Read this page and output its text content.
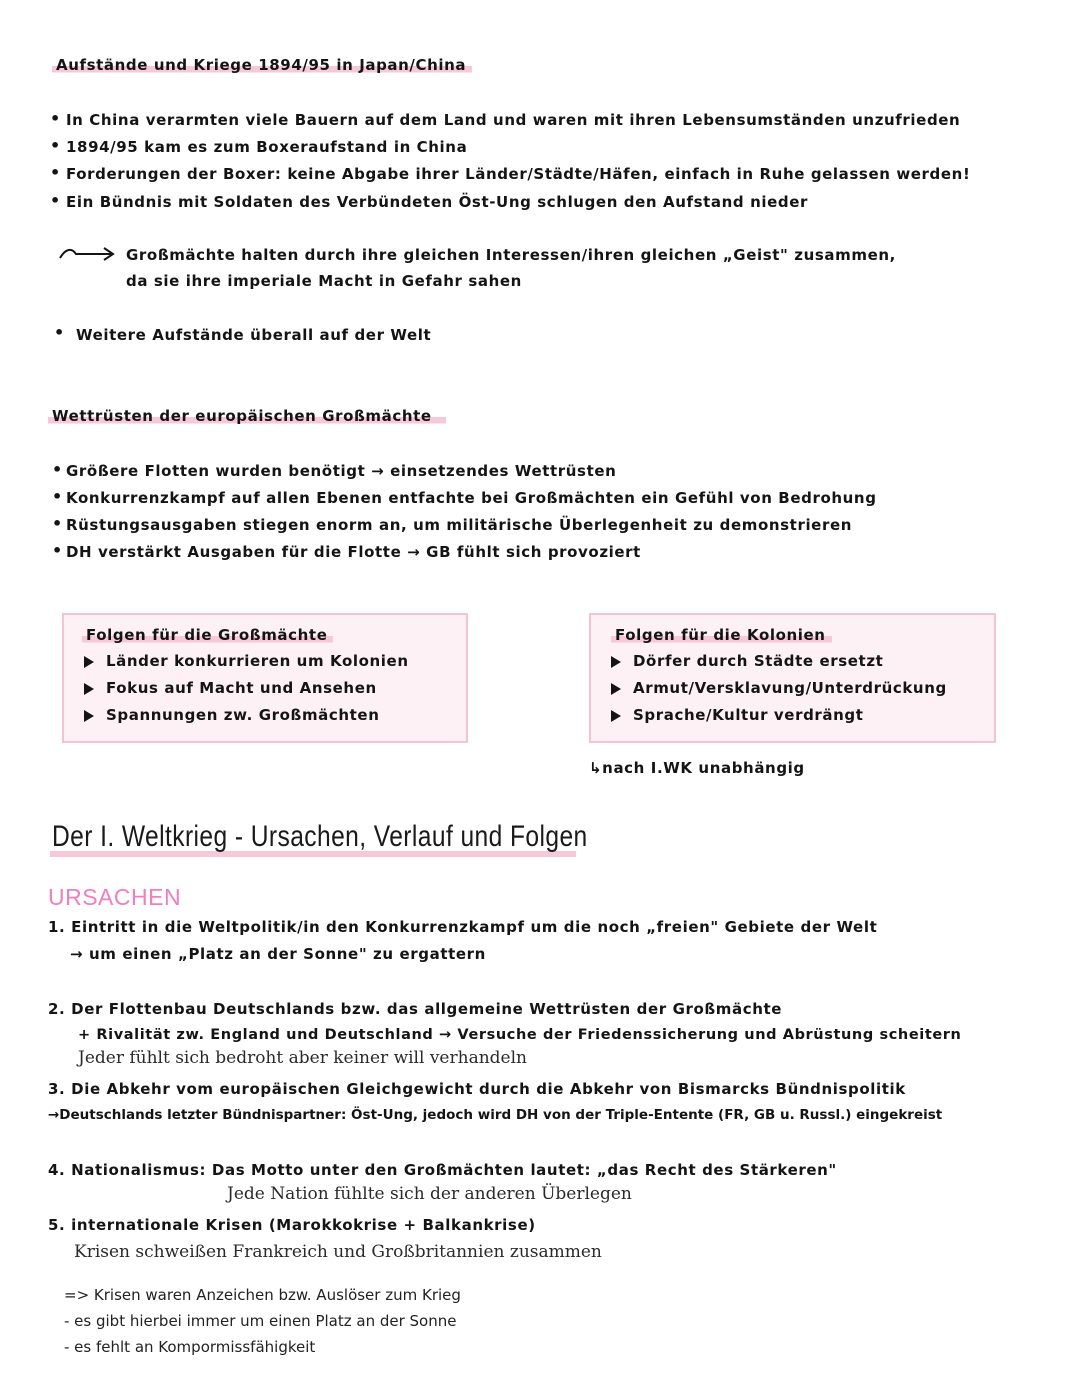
Aufstände und Kriege 1894/95 in Japan/China
• In China verarmten viele Bauern auf dem Land und waren mit ihren Lebensumständen unzufrieden
• 1894/95 kam es zum Boxeraufstand in China
• Forderungen der Boxer: keine Abgabe ihrer Länder/Städte/Häfen, einfach in Ruhe gelassen werden!
• Ein Bündnis mit Soldaten des Verbündeten Öst-Ung schlugen den Aufstand nieder
Großmächte halten durch ihre gleichen Interessen/ihren gleichen „Geist" zusammen,
da sie ihre imperiale Macht in Gefahr sahen
• Weitere Aufstände überall auf der Welt
Wettrüsten der europäischen Großmächte
• Größere Flotten wurden benötigt → einsetzendes Wettrüsten
• Konkurrenzkampf auf allen Ebenen entfachte bei Großmächten ein Gefühl von Bedrohung
• Rüstungsausgaben stiegen enorm an, um militärische Überlegenheit zu demonstrieren
• DH verstärkt Ausgaben für die Flotte → GB fühlt sich provoziert
Folgen für die Großmächte
Länder konkurrieren um Kolonien
Fokus auf Macht und Ansehen
Spannungen zw. Großmächten
Folgen für die Kolonien
Dörfer durch Städte ersetzt
Armut/Versklavung/Unterdrückung
Sprache/Kultur verdrängt
↳nach I.WK unabhängig
Der I. Weltkrieg - Ursachen, Verlauf und Folgen
URSACHEN
1. Eintritt in die Weltpolitik/in den Konkurrenzkampf um die noch „freien" Gebiete der Welt
→ um einen „Platz an der Sonne" zu ergattern
2. Der Flottenbau Deutschlands bzw. das allgemeine Wettrüsten der Großmächte
+ Rivalität zw. England und Deutschland → Versuche der Friedenssicherung und Abrüstung scheitern
Jeder fühlt sich bedroht aber keiner will verhandeln
3. Die Abkehr vom europäischen Gleichgewicht durch die Abkehr von Bismarcks Bündnispolitik
→Deutschlands letzter Bündnispartner: Öst-Ung, jedoch wird DH von der Triple-Entente (FR, GB u. Russl.) eingekreist
4. Nationalismus: Das Motto unter den Großmächten lautet: „das Recht des Stärkeren"
Jede Nation fühlte sich der anderen Überlegen
5. internationale Krisen (Marokkokrise + Balkankrise)
Krisen schweißen Frankreich und Großbritannien zusammen
=> Krisen waren Anzeichen bzw. Auslöser zum Krieg
- es gibt hierbei immer um einen Platz an der Sonne
- es fehlt an Kompormissfähigkeit
